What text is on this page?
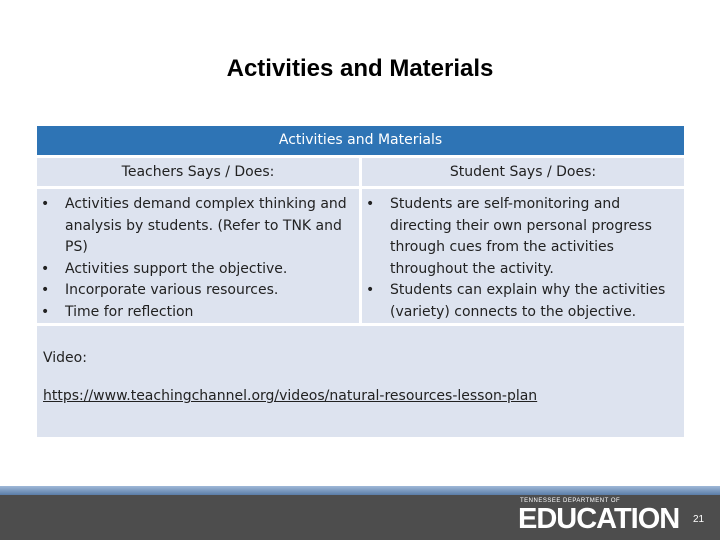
Activities and Materials
Activities and Materials
Teachers Says / Does:	Student Says / Does:
• Activities demand complex thinking and analysis by students. (Refer to TNK and PS)
• Activities support the objective.
• Incorporate various resources.
• Time for reflection
• Students are self-monitoring and directing their own personal progress through cues from the activities throughout the activity.
• Students can explain why the activities (variety) connects to the objective.
Video:
https://www.teachingchannel.org/videos/natural-resources-lesson-plan
TENNESSEE DEPARTMENT OF
EDUCATION 21
